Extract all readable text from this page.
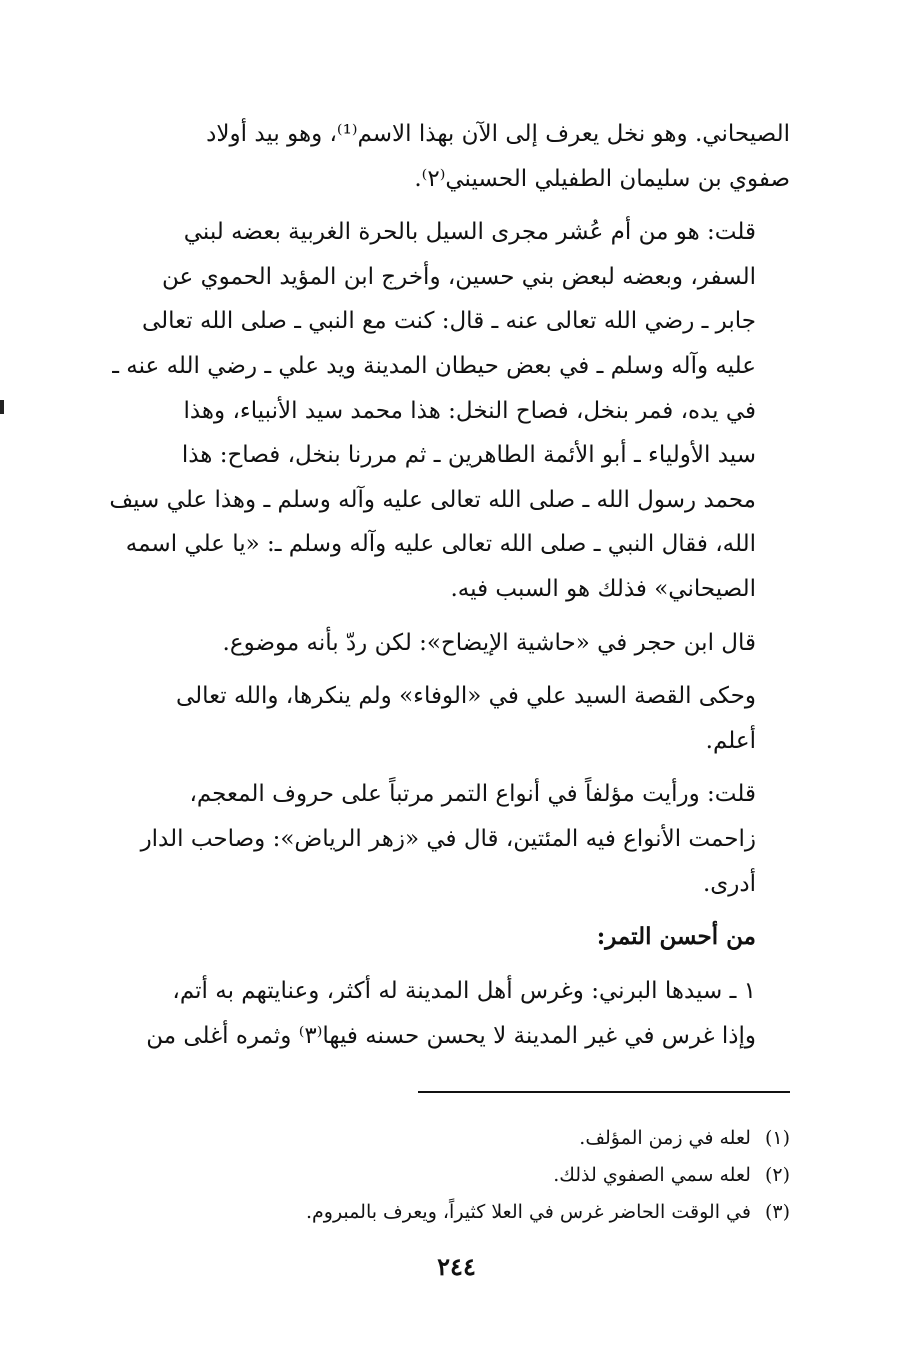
الصيحاني. وهو نخل يعرف إلى الآن بهذا الاسم⁽¹⁾، وهو بيد أولاد
صفوي بن سليمان الطفيلي الحسيني⁽٢⁾.

قلت: هو من أم عُشر مجرى السيل بالحرة الغربية بعضه لبني
السفر، وبعضه لبعض بني حسين، وأخرج ابن المؤيد الحموي عن
جابر ـ رضي الله تعالى عنه ـ قال: كنت مع النبي ـ صلى الله تعالى
عليه وآله وسلم ـ في بعض حيطان المدينة ويد علي ـ رضي الله عنه ـ
في يده، فمر بنخل، فصاح النخل: هذا محمد سيد الأنبياء، وهذا
سيد الأولياء ـ أبو الأئمة الطاهرين ـ ثم مررنا بنخل، فصاح: هذا
محمد رسول الله ـ صلى الله تعالى عليه وآله وسلم ـ وهذا علي سيف
الله، فقال النبي ـ صلى الله تعالى عليه وآله وسلم ـ: «يا علي اسمه
الصيحاني» فذلك هو السبب فيه.

قال ابن حجر في «حاشية الإيضاح»: لكن ردّ بأنه موضوع.

وحكى القصة السيد علي في «الوفاء» ولم ينكرها، والله تعالى
أعلم.

قلت: ورأيت مؤلفاً في أنواع التمر مرتباً على حروف المعجم،
زاحمت الأنواع فيه المئتين، قال في «زهر الرياض»: وصاحب الدار
أدرى.

من أحسن التمر:

١ ـ سيدها البرني: وغرس أهل المدينة له أكثر، وعنايتهم به أتم،
وإذا غرس في غير المدينة لا يحسن حسنه فيها⁽٣⁾ وثمره أغلى من

(١)لعله في زمن المؤلف.
(٢)لعله سمي الصفوي لذلك.
(٣)في الوقت الحاضر غرس في العلا كثيراً، ويعرف بالمبروم.
٢٤٤
